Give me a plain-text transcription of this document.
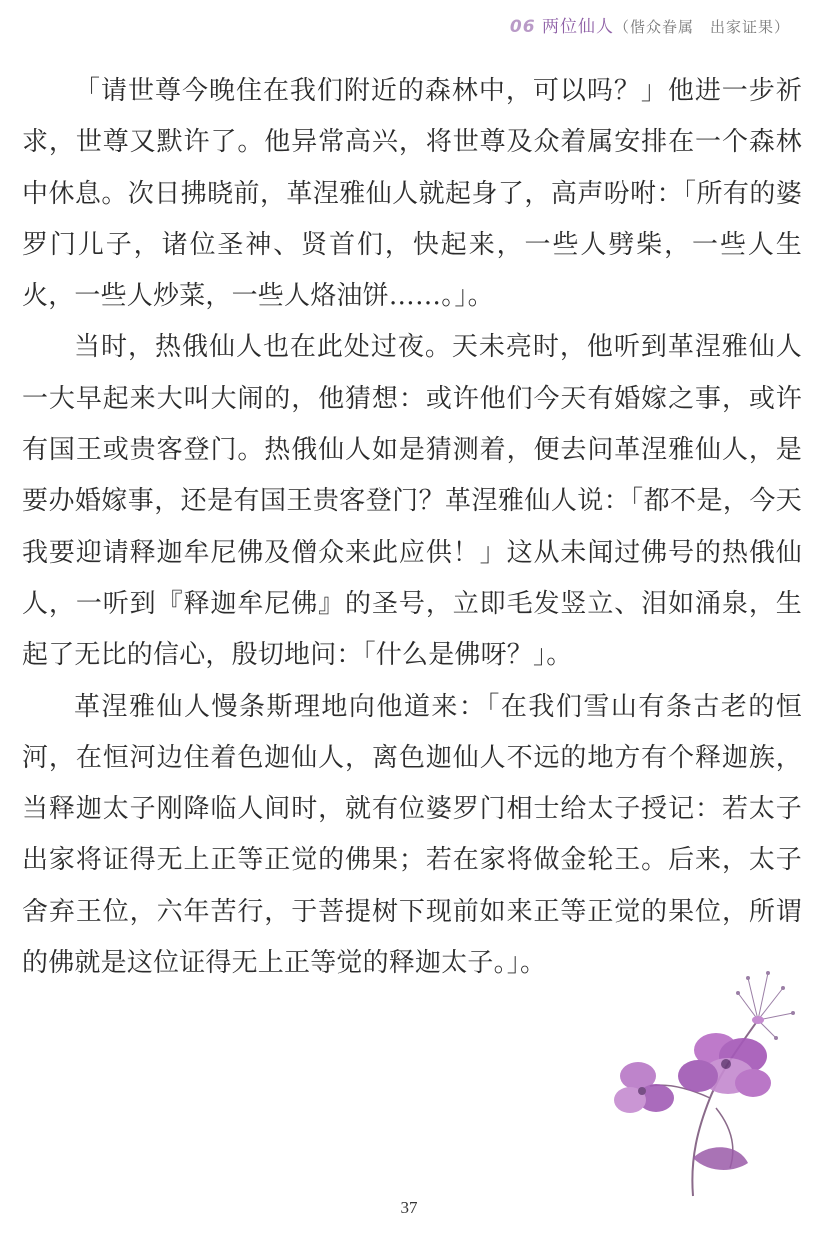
06 两位仙人（偕众眷属　出家证果）

「请世尊今晚住在我们附近的森林中，可以吗？」他进一步祈求，世尊又默许了。他异常高兴，将世尊及众着属安排在一个森林中休息。次日拂晓前，革涅雅仙人就起身了，高声吩咐：「所有的婆罗门儿子，诸位圣神、贤首们，快起来，一些人劈柴，一些人生火，一些人炒菜，一些人烙油饼……。」。

当时，热俄仙人也在此处过夜。天未亮时，他听到革涅雅仙人一大早起来大叫大闹的，他猜想：或许他们今天有婚嫁之事，或许有国王或贵客登门。热俄仙人如是猜测着，便去问革涅雅仙人，是要办婚嫁事，还是有国王贵客登门？革涅雅仙人说：「都不是，今天我要迎请释迦牟尼佛及僧众来此应供！」这从未闻过佛号的热俄仙人，一听到『释迦牟尼佛』的圣号，立即毛发竖立、泪如涌泉，生起了无比的信心，殷切地问：「什么是佛呀？」。

革涅雅仙人慢条斯理地向他道来：「在我们雪山有条古老的恒河，在恒河边住着色迦仙人，离色迦仙人不远的地方有个释迦族，当释迦太子刚降临人间时，就有位婆罗门相士给太子授记：若太子出家将证得无上正等正觉的佛果；若在家将做金轮王。后来，太子舍弃王位，六年苦行，于菩提树下现前如来正等正觉的果位，所谓的佛就是这位证得无上正等觉的释迦太子。」。

37
